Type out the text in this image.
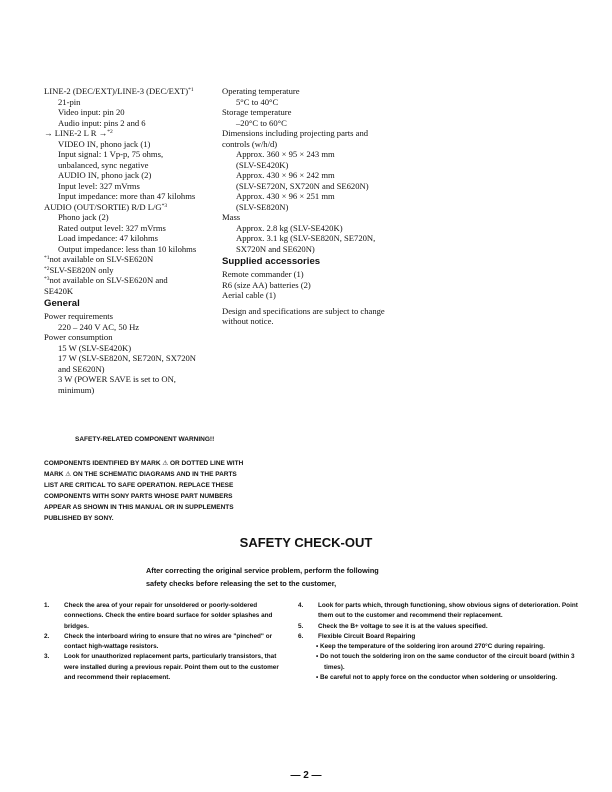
LINE-2 (DEC/EXT)/LINE-3 $(DEC/EXT)^{*1}$
21-pin
Video input: pin 20
Audio input: pins 2 and 6
→ LINE-2 L R →$^{*2}$
VIDEO IN, phono jack (1)
Input signal: 1 Vp-p, 75 ohms,
unbalanced, sync negative
AUDIO IN, phono jack (2)
Input level: 327 mVrms
Input impedance: more than 47 kilohms
AUDIO (OUT/SORTIE) R/D $L/G^{*3}$
Phono jack (2)
Rated output level: 327 mVrms
Load impedance: 47 kilohms
Output impedance: less than 10 kilohms
$^{*1}$not available on SLV-SE620N
$^{*2}$SLV-SE820N only
$^{*3}$not available on SLV-SE620N and SE420K
General
Power requirements
220 – 240 V AC, 50 Hz
Power consumption
15 W (SLV-SE420K)
17 W (SLV-SE820N, SE720N, SX720N and SE620N)
3 W (POWER SAVE is set to ON, minimum)
Operating temperature
5°C to 40°C
Storage temperature
–20°C to 60°C
Dimensions including projecting parts and controls (w/h/d)
Approx. 360 × 95 × 243 mm
(SLV-SE420K)
Approx. 430 × 96 × 242 mm
(SLV-SE720N, SX720N and SE620N)
Approx. 430 × 96 × 251 mm
(SLV-SE820N)
Mass
Approx. 2.8 kg (SLV-SE420K)
Approx. 3.1 kg (SLV-SE820N, SE720N, SX720N and SE620N)
Supplied accessories
Remote commander (1)
R6 (size AA) batteries (2)
Aerial cable (1)
Design and specifications are subject to change without notice.
SAFETY-RELATED COMPONENT WARNING!!
COMPONENTS IDENTIFIED BY MARK ⚠ OR DOTTED LINE WITH
MARK ⚠ ON THE SCHEMATIC DIAGRAMS AND IN THE PARTS
LIST ARE CRITICAL TO SAFE OPERATION. REPLACE THESE
COMPONENTS WITH SONY PARTS WHOSE PART NUMBERS
APPEAR AS SHOWN IN THIS MANUAL OR IN SUPPLEMENTS
PUBLISHED BY SONY.
SAFETY CHECK-OUT
After correcting the original service problem, perform the following
safety checks before releasing the set to the customer,
1. Check the area of your repair for unsoldered or poorly-soldered connections. Check the entire board surface for solder splashes and bridges.
2. Check the interboard wiring to ensure that no wires are "pinched" or contact high-wattage resistors.
3. Look for unauthorized replacement parts, particularly transistors, that were installed during a previous repair. Point them out to the customer and recommend their replacement.
4. Look for parts which, through functioning, show obvious signs of deterioration. Point them out to the customer and recommend their replacement.
5. Check the B+ voltage to see it is at the values specified.
6. Flexible Circuit Board Repairing
• Keep the temperature of the soldering iron around 270°C during repairing.
• Do not touch the soldering iron on the same conductor of the circuit board (within 3 times).
• Be careful not to apply force on the conductor when soldering or unsoldering.
— 2 —
